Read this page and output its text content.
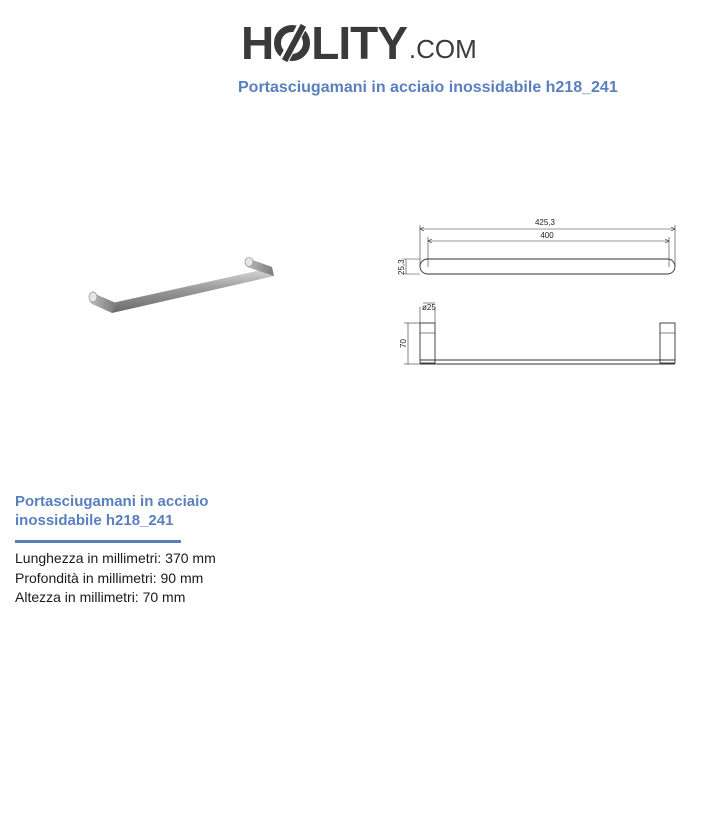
H LITY .COM
Portasciugamani in acciaio inossidabile h218_241
425,3
400
25,3
ø25
70
Portasciugamani in acciaio
inossidabile h218_241
Lunghezza in millimetri: 370 mm
Profondità in millimetri: 90 mm
Altezza in millimetri: 70 mm
